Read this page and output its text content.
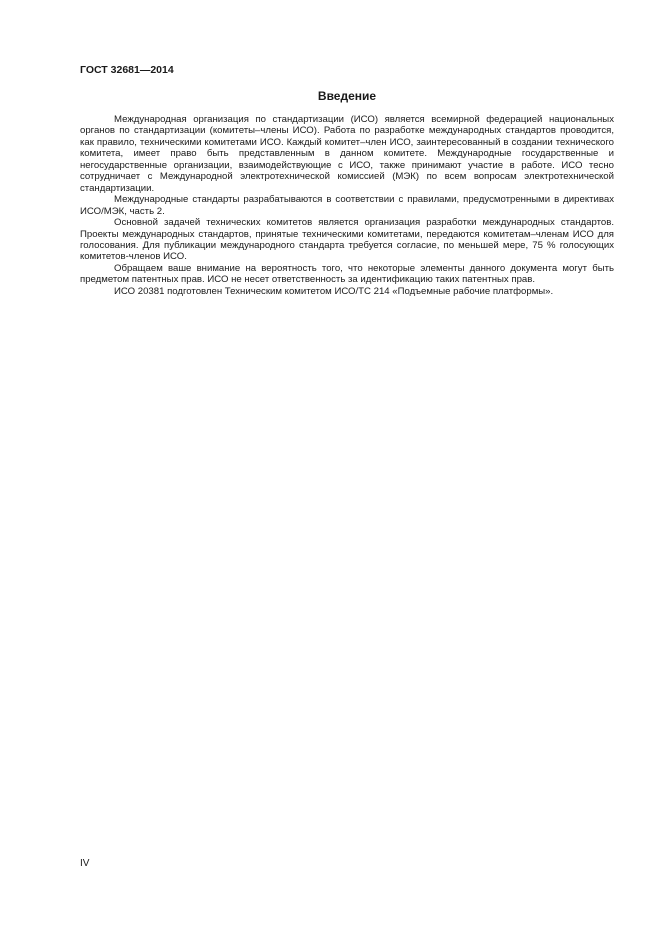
ГОСТ 32681—2014
Введение

Международная организация по стандартизации (ИСО) является всемирной федерацией национальных органов по стандартизации (комитеты–члены ИСО). Работа по разработке международных стандартов проводится, как правило, техническими комитетами ИСО. Каждый комитет–член ИСО, заинтересованный в создании технического комитета, имеет право быть представленным в данном комитете. Международные государственные и негосударственные организации, взаимодействующие с ИСО, также принимают участие в работе. ИСО тесно сотрудничает с Международной электротехнической комиссией (МЭК) по всем вопросам электротехнической стандартизации.

Международные стандарты разрабатываются в соответствии с правилами, предусмотренными в директивах ИСО/МЭК, часть 2.

Основной задачей технических комитетов является организация разработки международных стандартов. Проекты международных стандартов, принятые техническими комитетами, передаются комитетам–членам ИСО для голосования. Для публикации международного стандарта требуется согласие, по меньшей мере, 75 % голосующих комитетов-членов ИСО.

Обращаем ваше внимание на вероятность того, что некоторые элементы данного документа могут быть предметом патентных прав. ИСО не несет ответственность за идентификацию таких патентных прав.

ИСО 20381 подготовлен Техническим комитетом ИСО/ТС 214 «Подъемные рабочие платформы».

IV
